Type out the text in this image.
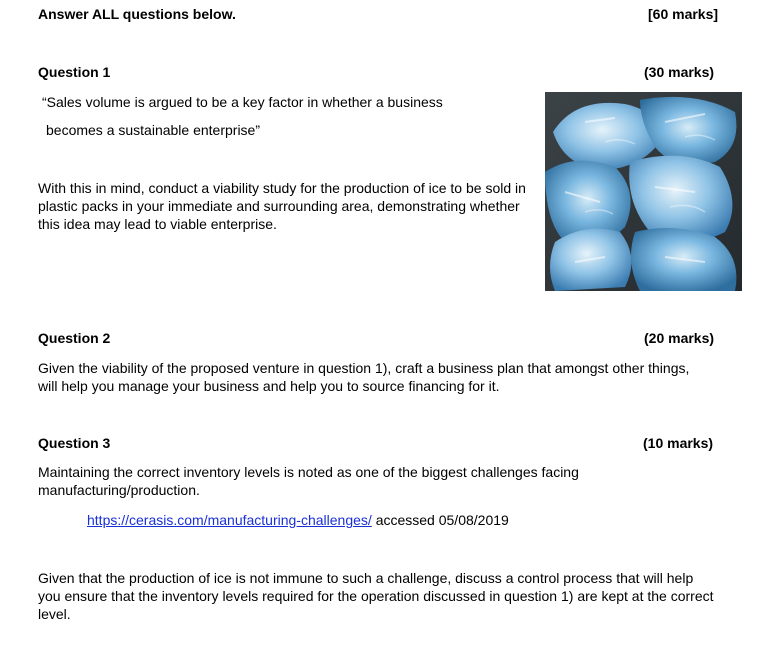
Answer ALL questions below.	[60 marks]
Question 1	(30 marks)
“Sales volume is argued to be a key factor in whether a business
becomes a sustainable enterprise”
With this in mind, conduct a viability study for the production of ice to be sold in plastic packs in your immediate and surrounding area, demonstrating whether this idea may lead to viable enterprise.
Question 2	(20 marks)
Given the viability of the proposed venture in question 1), craft a business plan that amongst other things, will help you manage your business and help you to source financing for it.
Question 3	(10 marks)
Maintaining the correct inventory levels is noted as one of the biggest challenges facing manufacturing/production.
https://cerasis.com/manufacturing-challenges/ accessed 05/08/2019
Given that the production of ice is not immune to such a challenge, discuss a control process that will help you ensure that the inventory levels required for the operation discussed in question 1) are kept at the correct level.
